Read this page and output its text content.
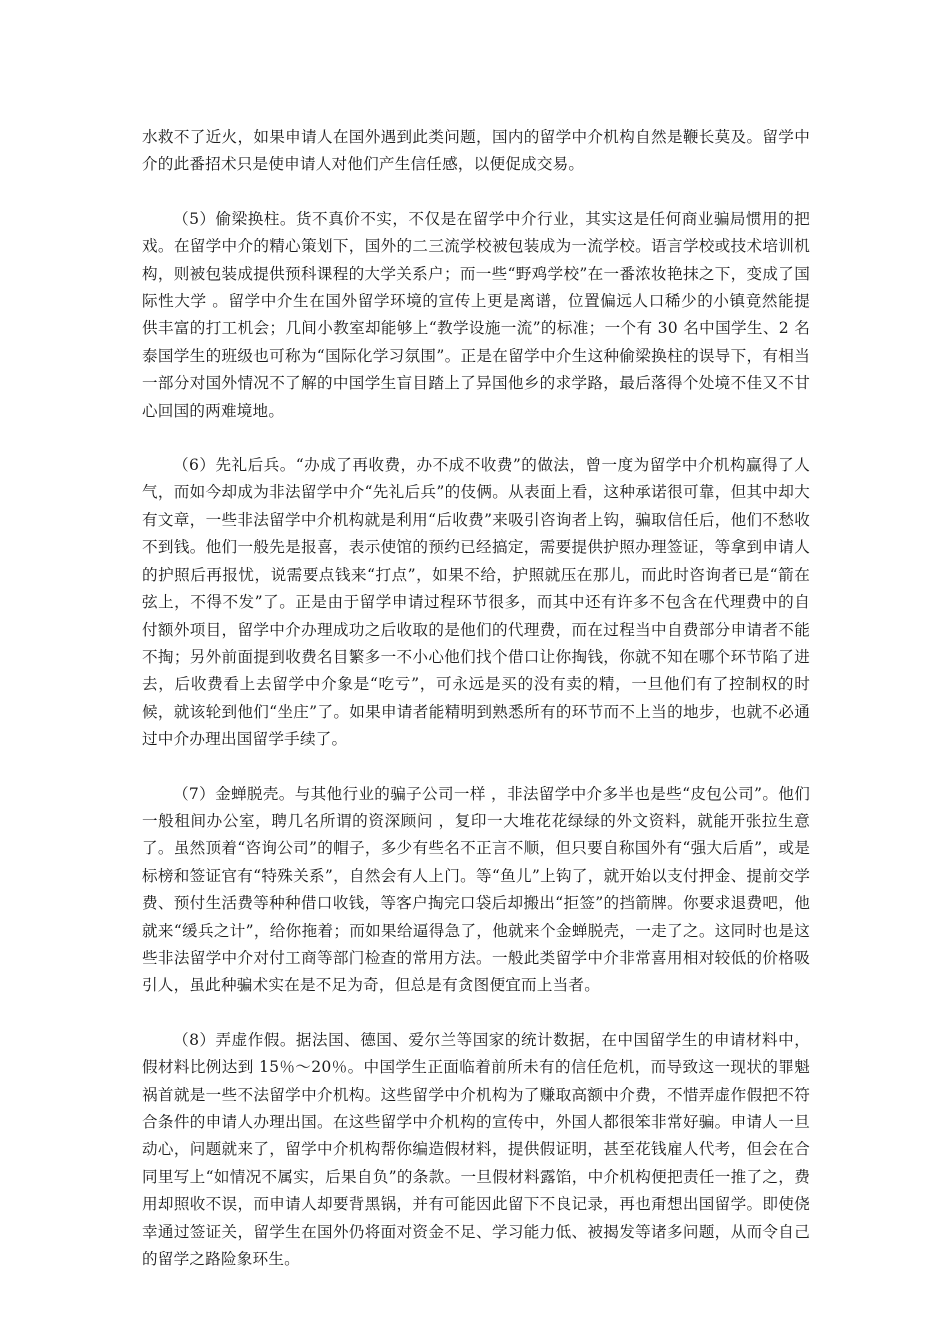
水救不了近火，如果申请人在国外遇到此类问题，国内的留学中介机构自然是鞭长莫及。留学中介的此番招术只是使申请人对他们产生信任感，以便促成交易。

（5）偷梁换柱。货不真价不实，不仅是在留学中介行业，其实这是任何商业骗局惯用的把戏。在留学中介的精心策划下，国外的二三流学校被包装成为一流学校。语言学校或技术培训机构，则被包装成提供预科课程的大学关系户；而一些“野鸡学校”在一番浓妆艳抹之下，变成了国际性大学 。留学中介生在国外留学环境的宣传上更是离谱，位置偏远人口稀少的小镇竟然能提供丰富的打工机会；几间小教室却能够上“教学设施一流”的标准；一个有 30 名中国学生、2 名泰国学生的班级也可称为“国际化学习氛围”。正是在留学中介生这种偷梁换柱的误导下，有相当一部分对国外情况不了解的中国学生盲目踏上了异国他乡的求学路，最后落得个处境不佳又不甘心回国的两难境地。

（6）先礼后兵。“办成了再收费，办不成不收费”的做法，曾一度为留学中介机构赢得了人气，而如今却成为非法留学中介“先礼后兵”的伎俩。从表面上看，这种承诺很可靠，但其中却大有文章，一些非法留学中介机构就是利用“后收费”来吸引咨询者上钩，骗取信任后，他们不愁收不到钱。他们一般先是报喜，表示使馆的预约已经搞定，需要提供护照办理签证，等拿到申请人的护照后再报忧，说需要点钱来“打点”，如果不给，护照就压在那儿，而此时咨询者已是“箭在弦上，不得不发”了。正是由于留学申请过程环节很多，而其中还有许多不包含在代理费中的自付额外项目，留学中介办理成功之后收取的是他们的代理费，而在过程当中自费部分申请者不能不掏；另外前面提到收费名目繁多一不小心他们找个借口让你掏钱，你就不知在哪个环节陷了进去，后收费看上去留学中介象是“吃亏”，可永远是买的没有卖的精，一旦他们有了控制权的时候，就该轮到他们“坐庄”了。如果申请者能精明到熟悉所有的环节而不上当的地步，也就不必通过中介办理出国留学手续了。

（7）金蝉脱壳。与其他行业的骗子公司一样 ，非法留学中介多半也是些“皮包公司”。他们一般租间办公室，聘几名所谓的资深顾问 ，复印一大堆花花绿绿的外文资料，就能开张拉生意了。虽然顶着“咨询公司”的帽子，多少有些名不正言不顺，但只要自称国外有“强大后盾”，或是标榜和签证官有“特殊关系”，自然会有人上门。等“鱼儿”上钩了，就开始以支付押金、提前交学费、预付生活费等种种借口收钱，等客户掏完口袋后却搬出“拒签”的挡箭牌。你要求退费吧，他就来“缓兵之计”，给你拖着；而如果给逼得急了，他就来个金蝉脱壳，一走了之。这同时也是这些非法留学中介对付工商等部门检查的常用方法。一般此类留学中介非常喜用相对较低的价格吸引人，虽此种骗术实在是不足为奇，但总是有贪图便宜而上当者。

（8）弄虚作假。据法国、德国、爱尔兰等国家的统计数据，在中国留学生的申请材料中，假材料比例达到 15％～20％。中国学生正面临着前所未有的信任危机，而导致这一现状的罪魁祸首就是一些不法留学中介机构。这些留学中介机构为了赚取高额中介费，不惜弄虚作假把不符合条件的申请人办理出国。在这些留学中介机构的宣传中，外国人都很笨非常好骗。申请人一旦动心，问题就来了，留学中介机构帮你编造假材料，提供假证明，甚至花钱雇人代考，但会在合同里写上“如情况不属实，后果自负”的条款。一旦假材料露馅，中介机构便把责任一推了之，费用却照收不误，而申请人却要背黑锅，并有可能因此留下不良记录，再也甭想出国留学。即使侥幸通过签证关，留学生在国外仍将面对资金不足、学习能力低、被揭发等诸多问题，从而令自己的留学之路险象环生。
